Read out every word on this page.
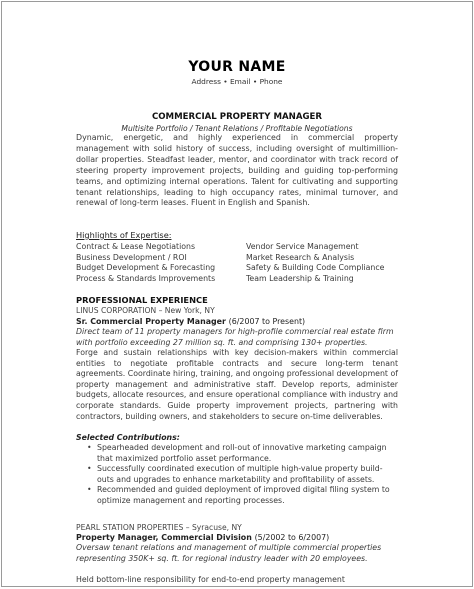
YOUR NAME
Address • Email • Phone
COMMERCIAL PROPERTY MANAGER
Multisite Portfolio / Tenant Relations / Profitable Negotiations
Dynamic, energetic, and highly experienced in commercial property management with solid history of success, including oversight of multimillion-dollar properties. Steadfast leader, mentor, and coordinator with track record of steering property improvement projects, building and guiding top-performing teams, and optimizing internal operations. Talent for cultivating and supporting tenant relationships, leading to high occupancy rates, minimal turnover, and renewal of long-term leases. Fluent in English and Spanish.
Highlights of Expertise:
Contract & Lease Negotiations	Vendor Service Management
Business Development / ROI	Market Research & Analysis
Budget Development & Forecasting	Safety & Building Code Compliance
Process & Standards Improvements	Team Leadership & Training
PROFESSIONAL EXPERIENCE
LINUS CORPORATION – New York, NY
Sr. Commercial Property Manager (6/2007 to Present)
Direct team of 11 property managers for high-profile commercial real estate firm with portfolio exceeding 27 million sq. ft. and comprising 130+ properties.
Forge and sustain relationships with key decision-makers within commercial entities to negotiate profitable contracts and secure long-term tenant agreements. Coordinate hiring, training, and ongoing professional development of property management and administrative staff. Develop reports, administer budgets, allocate resources, and ensure operational compliance with industry and corporate standards. Guide property improvement projects, partnering with contractors, building owners, and stakeholders to secure on-time deliverables.
Selected Contributions:
• Spearheaded development and roll-out of innovative marketing campaign that maximized portfolio asset performance.
• Successfully coordinated execution of multiple high-value property build-outs and upgrades to enhance marketability and profitability of assets.
• Recommended and guided deployment of improved digital filing system to optimize management and reporting processes.
PEARL STATION PROPERTIES – Syracuse, NY
Property Manager, Commercial Division (5/2002 to 6/2007)
Oversaw tenant relations and management of multiple commercial properties representing 350K+ sq. ft. for regional industry leader with 20 employees.
Held bottom-line responsibility for end-to-end property management
